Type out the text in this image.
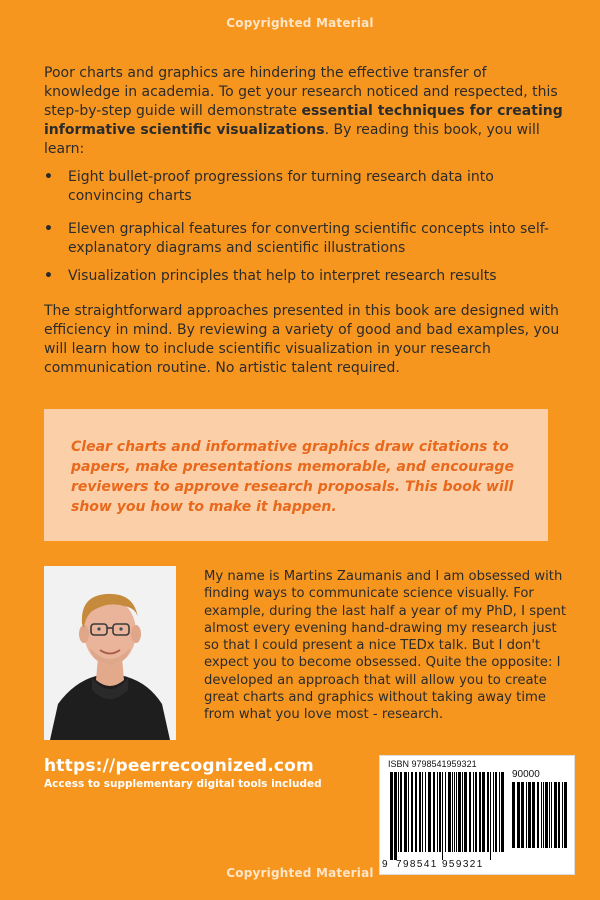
Copyrighted Material

Poor charts and graphics are hindering the effective transfer of knowledge in academia. To get your research noticed and respected, this step-by-step guide will demonstrate essential techniques for creating informative scientific visualizations. By reading this book, you will learn:

• Eight bullet-proof progressions for turning research data into convincing charts
• Eleven graphical features for converting scientific concepts into self-explanatory diagrams and scientific illustrations
• Visualization principles that help to interpret research results

The straightforward approaches presented in this book are designed with efficiency in mind. By reviewing a variety of good and bad examples, you will learn how to include scientific visualization in your research communication routine. No artistic talent required.

Clear charts and informative graphics draw citations to papers, make presentations memorable, and encourage reviewers to approve research proposals. This book will show you how to make it happen.

My name is Martins Zaumanis and I am obsessed with finding ways to communicate science visually. For example, during the last half a year of my PhD, I spent almost every evening hand-drawing my research just so that I could present a nice TEDx talk. But I don't expect you to become obsessed. Quite the opposite: I developed an approach that will allow you to create great charts and graphics without taking away time from what you love most - research.

https://peerrecognized.com
Access to supplementary digital tools included
ISBN 9798541959321
90000
9 798541 959321
Copyrighted Material
